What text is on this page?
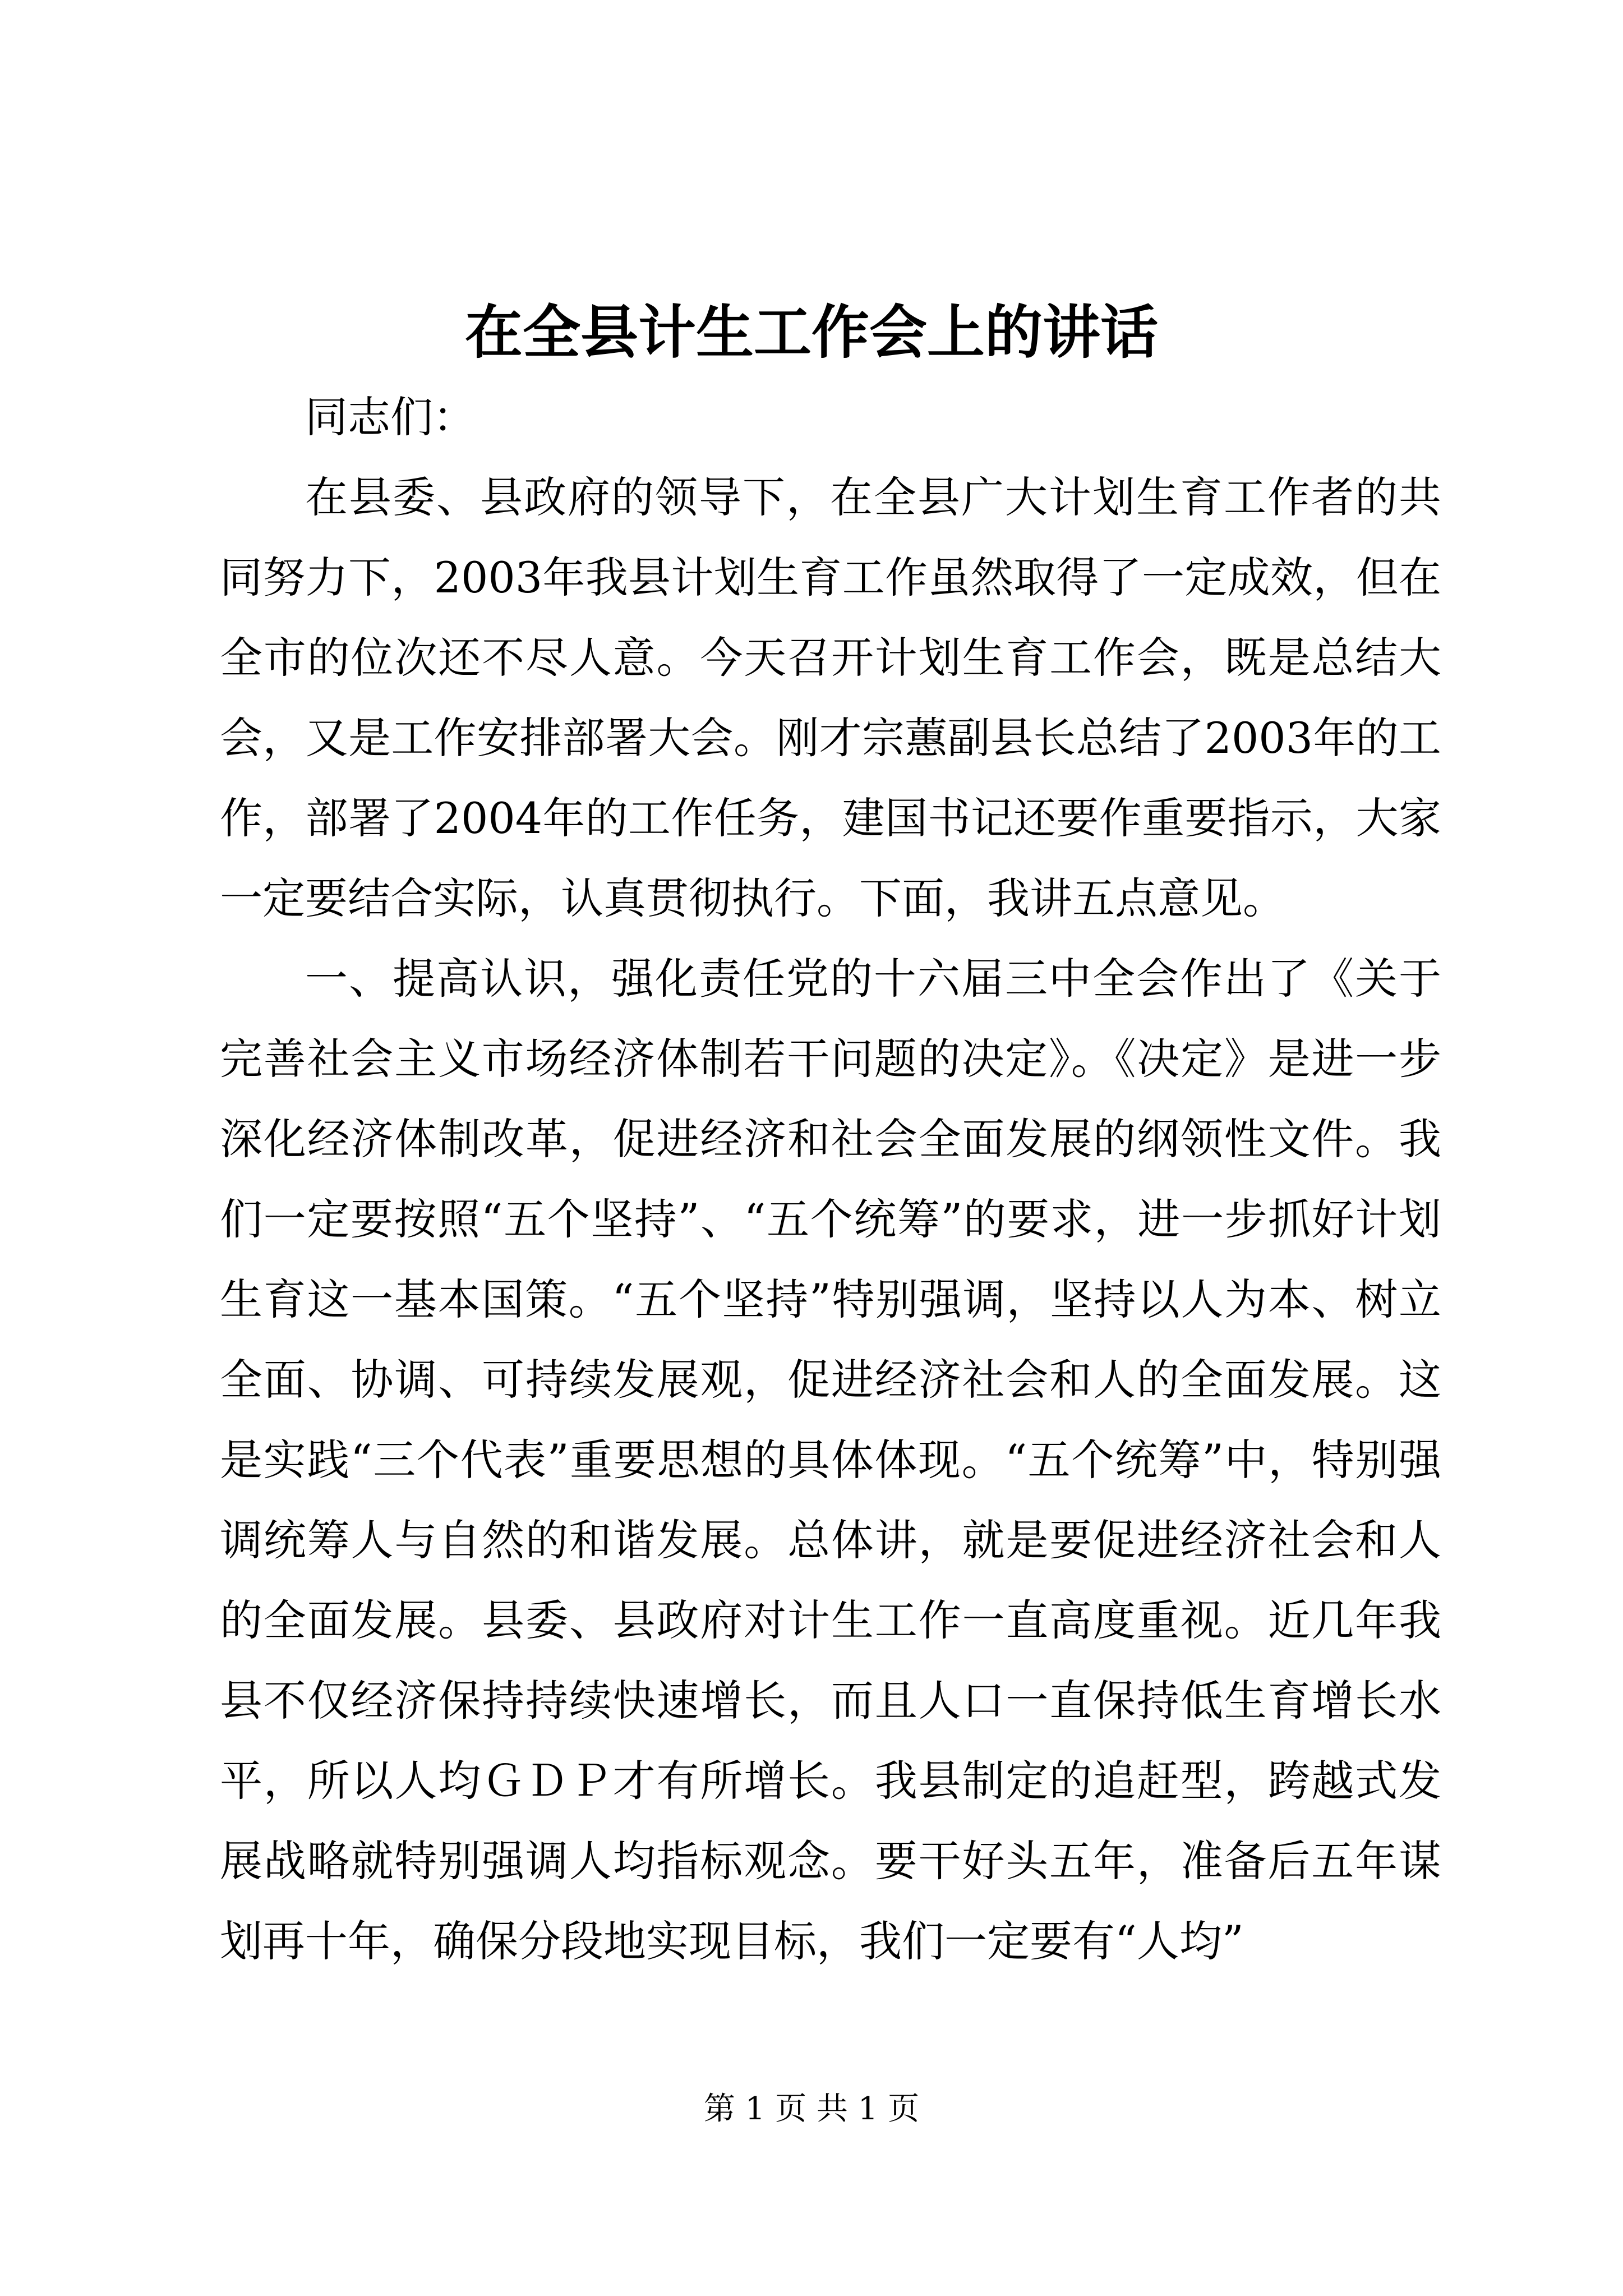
在全县计生工作会上的讲话

同志们：

在县委、县政府的领导下，在全县广大计划生育工作者的共同努力下，2003年我县计划生育工作虽然取得了一定成效，但在全市的位次还不尽人意。今天召开计划生育工作会，既是总结大会，又是工作安排部署大会。刚才宗蕙副县长总结了2003年的工作，部署了2004年的工作任务，建国书记还要作重要指示，大家一定要结合实际，认真贯彻执行。下面，我讲五点意见。

一、提高认识，强化责任党的十六届三中全会作出了《关于完善社会主义市场经济体制若干问题的决定》。《决定》是进一步深化经济体制改革，促进经济和社会全面发展的纲领性文件。我们一定要按照“五个坚持”、“五个统筹”的要求，进一步抓好计划生育这一基本国策。“五个坚持”特别强调，坚持以人为本、树立全面、协调、可持续发展观，促进经济社会和人的全面发展。这是实践“三个代表”重要思想的具体体现。“五个统筹”中，特别强调统筹人与自然的和谐发展。总体讲，就是要促进经济社会和人的全面发展。县委、县政府对计生工作一直高度重视。近几年我县不仅经济保持持续快速增长，而且人口一直保持低生育增长水平，所以人均ＧＤＰ才有所增长。我县制定的追赶型，跨越式发展战略就特别强调人均指标观念。要干好头五年，准备后五年谋划再十年，确保分段地实现目标，我们一定要有“人均”

第 1 页 共 1 页
